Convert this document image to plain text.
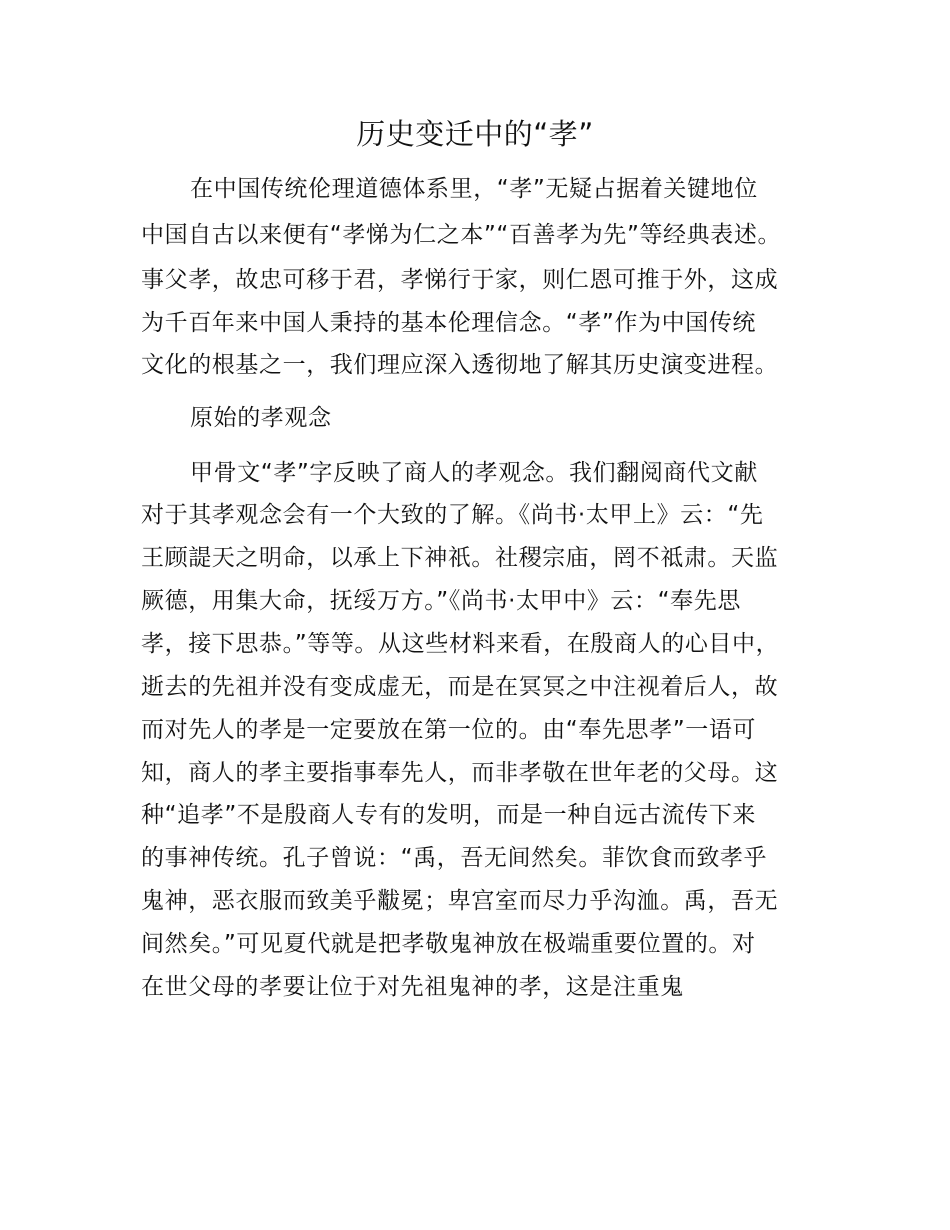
历史变迁中的“孝”
在中国传统伦理道德体系里，“孝”无疑占据着关键地位
中国自古以来便有“孝悌为仁之本”“百善孝为先”等经典表述。
事父孝，故忠可移于君，孝悌行于家，则仁恩可推于外，这成
为千百年来中国人秉持的基本伦理信念。“孝”作为中国传统
文化的根基之一，我们理应深入透彻地了解其历史演变进程。
原始的孝观念
甲骨文“孝”字反映了商人的孝观念。我们翻阅商代文献
对于其孝观念会有一个大致的了解。《尚书·太甲上》云：“先
王顾諟天之明命，以承上下神祇。社稷宗庙，罔不祗肃。天监
厥德，用集大命，抚绥万方。”《尚书·太甲中》云：“奉先思
孝，接下思恭。”等等。从这些材料来看，在殷商人的心目中，
逝去的先祖并没有变成虚无，而是在冥冥之中注视着后人，故
而对先人的孝是一定要放在第一位的。由“奉先思孝”一语可
知，商人的孝主要指事奉先人，而非孝敬在世年老的父母。这
种“追孝”不是殷商人专有的发明，而是一种自远古流传下来
的事神传统。孔子曾说：“禹，吾无间然矣。菲饮食而致孝乎
鬼神，恶衣服而致美乎黻冕；卑宫室而尽力乎沟洫。禹，吾无
间然矣。”可见夏代就是把孝敬鬼神放在极端重要位置的。对
在世父母的孝要让位于对先祖鬼神的孝，这是注重鬼
